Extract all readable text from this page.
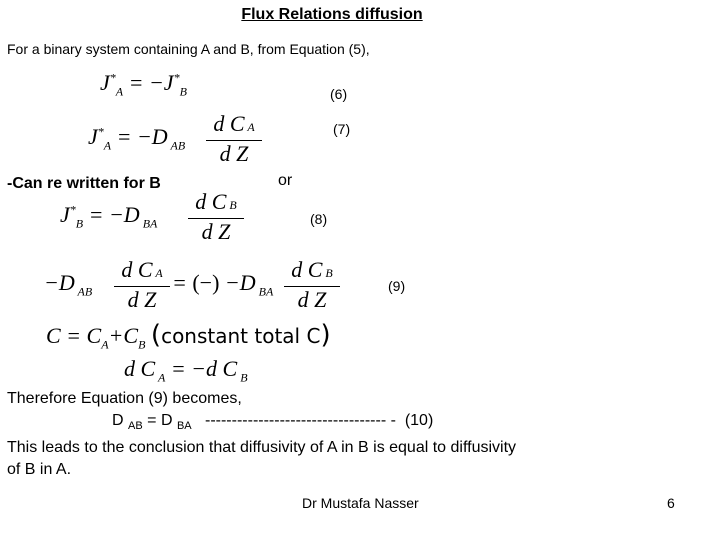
Flux Relations diffusion
For a binary system containing A and B, from Equation (5),
$J^*_A = -J^*_B$	(6)
$J^*_A = -D$ $_{AB}$
d C A
d Z
(7)
-Can re written for B	or
$J^*_B = -D$ $_{BA}$
d C B
d Z	(8)
−D $_{AB}$
d C A
d Z
= (−) −D $_{BA}$
d C B
d Z
(9)
$C = C_A+C_B$ (constant total C)
d C $_A$ = −d C $_B$
Therefore Equation (9) becomes,
D $_{AB}$ = D $_{BA}$ ---------------------------------- - (10)
This leads to the conclusion that diffusivity of A in B is equal to diffusivity of B in A.
Dr Mustafa Nasser	6
